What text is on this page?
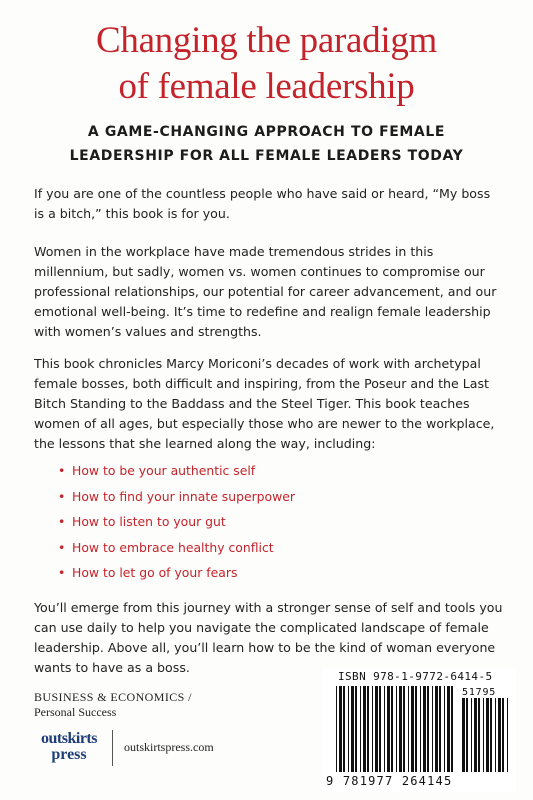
Changing the paradigm
of female leadership
A GAME-CHANGING APPROACH TO FEMALE
LEADERSHIP FOR ALL FEMALE LEADERS TODAY
If you are one of the countless people who have said or heard, “My boss is a bitch,” this book is for you.
Women in the workplace have made tremendous strides in this millennium, but sadly, women vs. women continues to compromise our professional relationships, our potential for career advancement, and our emotional well-being. It’s time to redefine and realign female leadership with women’s values and strengths.
This book chronicles Marcy Moriconi’s decades of work with archetypal female bosses, both difficult and inspiring, from the Poseur and the Last Bitch Standing to the Baddass and the Steel Tiger. This book teaches women of all ages, but especially those who are newer to the workplace, the lessons that she learned along the way, including:
• How to be your authentic self
• How to find your innate superpower
• How to listen to your gut
• How to embrace healthy conflict
• How to let go of your fears
You’ll emerge from this journey with a stronger sense of self and tools you can use daily to help you navigate the complicated landscape of female leadership. Above all, you’ll learn how to be the kind of woman everyone wants to have as a boss.
BUSINESS & ECONOMICS /
Personal Success
outskirts
press	outskirtspress.com
ISBN 978-1-9772-6414-5
51795
9 781977 264145
